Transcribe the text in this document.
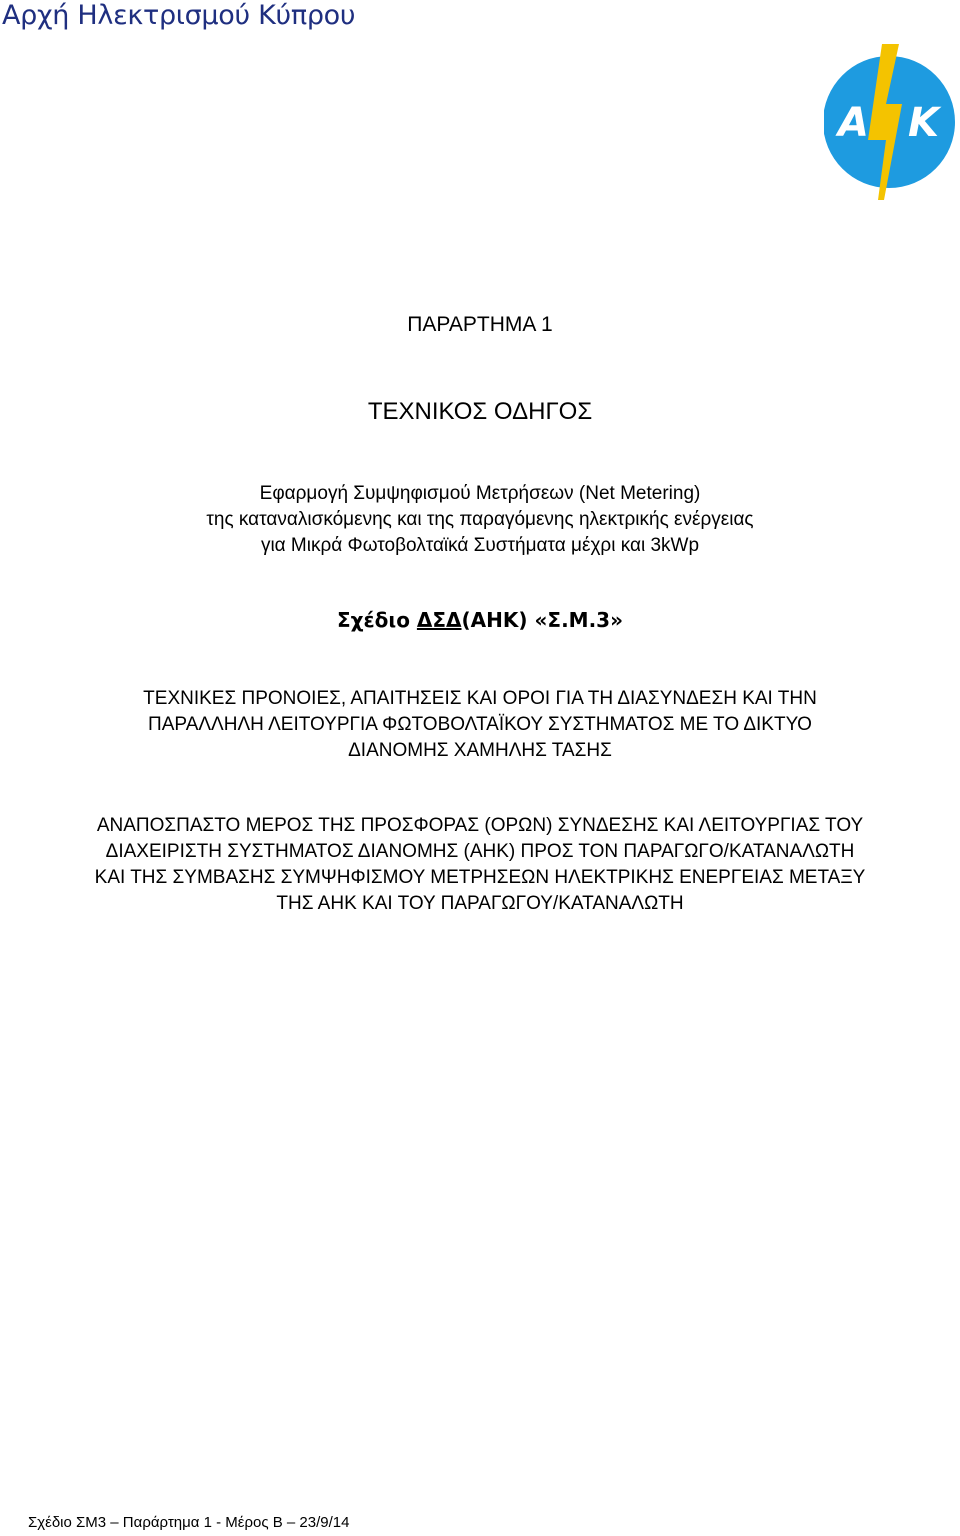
Αρχή Ηλεκτρισμού Κύπρου
A K
ΠΑΡΑΡΤΗΜΑ 1
ΤΕΧΝΙΚΟΣ ΟΔΗΓΟΣ
Εφαρμογή Συμψηφισμού Μετρήσεων (Net Metering)
της καταναλισκόμενης και της παραγόμενης ηλεκτρικής ενέργειας
για Μικρά Φωτοβολταϊκά Συστήματα μέχρι και 3kWp
Σχέδιο ΔΣΔ(ΑΗΚ) «Σ.Μ.3»
ΤΕΧΝΙΚΕΣ ΠΡΟΝΟΙΕΣ, ΑΠΑΙΤΗΣΕΙΣ ΚΑΙ ΟΡΟΙ ΓΙΑ ΤΗ ΔΙΑΣΥΝΔΕΣΗ ΚΑΙ ΤΗΝ
ΠΑΡΑΛΛΗΛΗ ΛΕΙΤΟΥΡΓΙΑ ΦΩΤΟΒΟΛΤΑΪΚΟΥ ΣΥΣΤΗΜΑΤΟΣ ΜΕ ΤΟ ΔΙΚΤΥΟ
ΔΙΑΝΟΜΗΣ ΧΑΜΗΛΗΣ ΤΑΣΗΣ
ΑΝΑΠΟΣΠΑΣΤΟ ΜΕΡΟΣ ΤΗΣ ΠΡΟΣΦΟΡΑΣ (ΟΡΩΝ) ΣΥΝΔΕΣΗΣ ΚΑΙ ΛΕΙΤΟΥΡΓΙΑΣ ΤΟΥ
ΔΙΑΧΕΙΡΙΣΤΗ ΣΥΣΤΗΜΑΤΟΣ ΔΙΑΝΟΜΗΣ (ΑΗΚ) ΠΡΟΣ ΤΟΝ ΠΑΡΑΓΩΓΟ/ΚΑΤΑΝΑΛΩΤΗ
ΚΑΙ ΤΗΣ ΣΥΜΒΑΣΗΣ ΣΥΜΨΗΦΙΣΜΟΥ ΜΕΤΡΗΣΕΩΝ ΗΛΕΚΤΡΙΚΗΣ ΕΝΕΡΓΕΙΑΣ ΜΕΤΑΞΥ
ΤΗΣ ΑΗΚ ΚΑΙ ΤΟΥ ΠΑΡΑΓΩΓΟΥ/ΚΑΤΑΝΑΛΩΤΗ
Σχέδιο ΣΜ3 – Παράρτημα 1 - Μέρος Β – 23/9/14
